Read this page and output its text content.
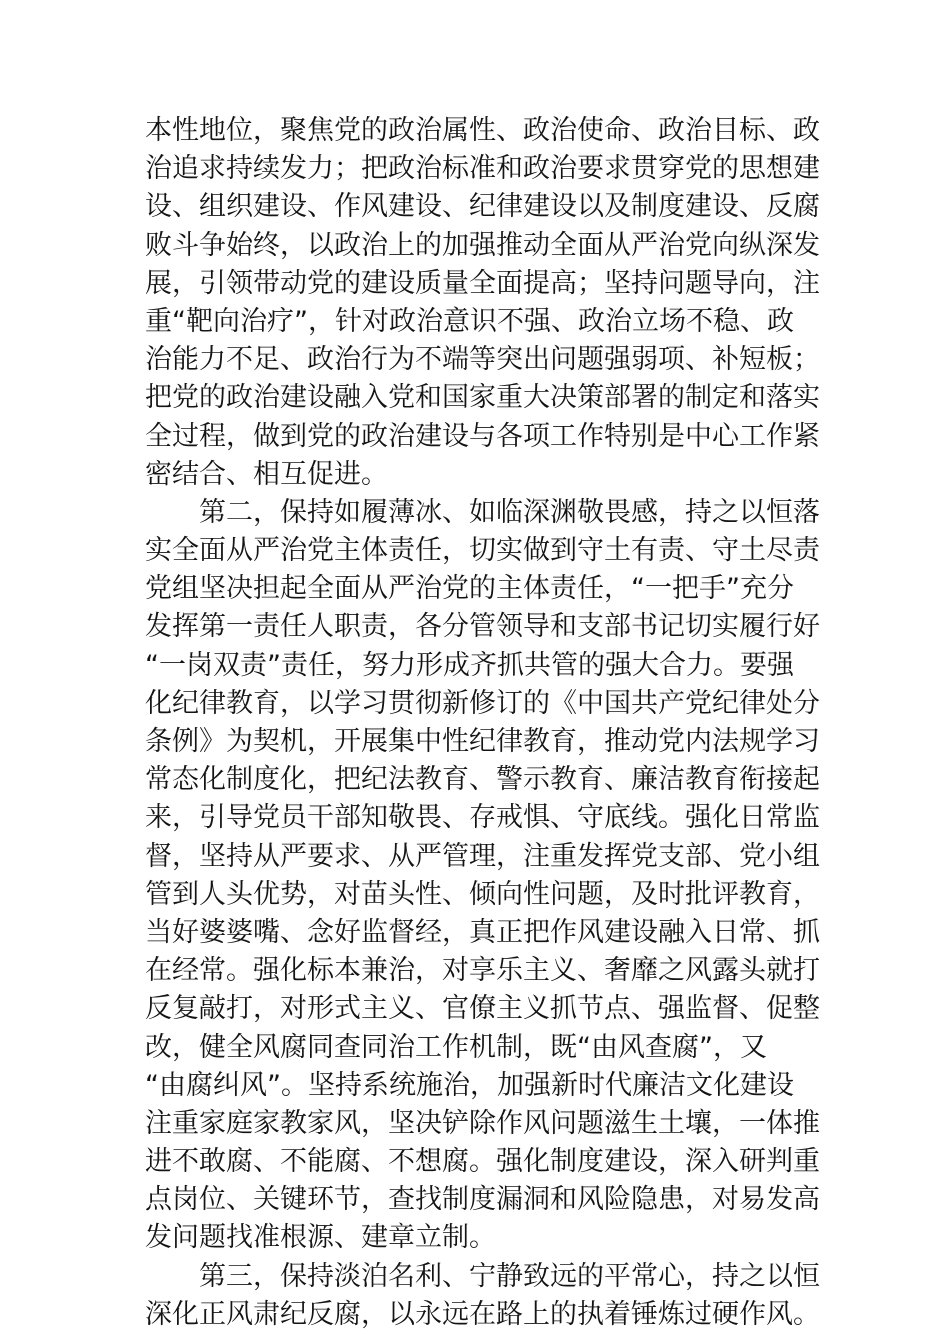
本性地位，聚焦党的政治属性、政治使命、政治目标、政
治追求持续发力；把政治标准和政治要求贯穿党的思想建
设、组织建设、作风建设、纪律建设以及制度建设、反腐
败斗争始终，以政治上的加强推动全面从严治党向纵深发
展，引领带动党的建设质量全面提高；坚持问题导向，注
重“靶向治疗”，针对政治意识不强、政治立场不稳、政
治能力不足、政治行为不端等突出问题强弱项、补短板；
把党的政治建设融入党和国家重大决策部署的制定和落实
全过程，做到党的政治建设与各项工作特别是中心工作紧
密结合、相互促进。
第二，保持如履薄冰、如临深渊敬畏感，持之以恒落
实全面从严治党主体责任，切实做到守土有责、守土尽责
党组坚决担起全面从严治党的主体责任，“一把手”充分
发挥第一责任人职责，各分管领导和支部书记切实履行好
“一岗双责”责任，努力形成齐抓共管的强大合力。要强
化纪律教育，以学习贯彻新修订的《中国共产党纪律处分
条例》为契机，开展集中性纪律教育，推动党内法规学习
常态化制度化，把纪法教育、警示教育、廉洁教育衔接起
来，引导党员干部知敬畏、存戒惧、守底线。强化日常监
督，坚持从严要求、从严管理，注重发挥党支部、党小组
管到人头优势，对苗头性、倾向性问题，及时批评教育，
当好婆婆嘴、念好监督经，真正把作风建设融入日常、抓
在经常。强化标本兼治，对享乐主义、奢靡之风露头就打
反复敲打，对形式主义、官僚主义抓节点、强监督、促整
改，健全风腐同查同治工作机制，既“由风查腐”，又
“由腐纠风”。坚持系统施治，加强新时代廉洁文化建设
注重家庭家教家风，坚决铲除作风问题滋生土壤，一体推
进不敢腐、不能腐、不想腐。强化制度建设，深入研判重
点岗位、关键环节，查找制度漏洞和风险隐患，对易发高
发问题找准根源、建章立制。
第三，保持淡泊名利、宁静致远的平常心，持之以恒
深化正风肃纪反腐，以永远在路上的执着锤炼过硬作风。
